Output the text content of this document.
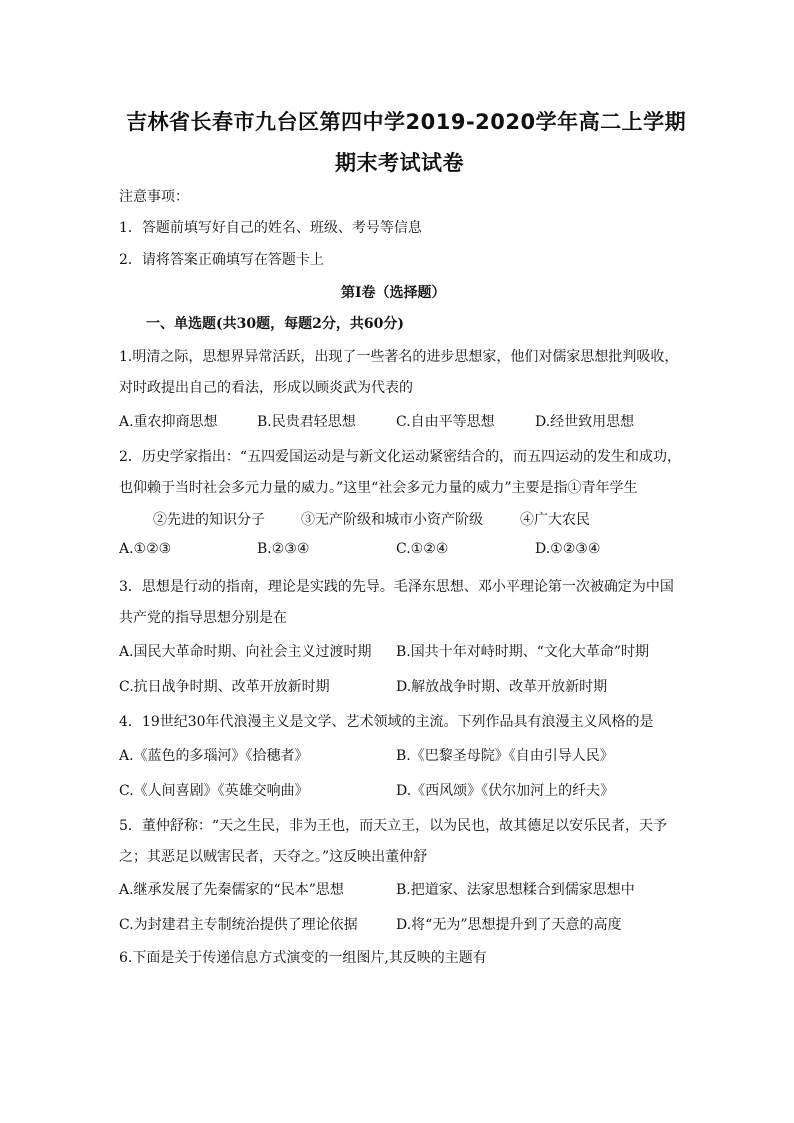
吉林省长春市九台区第四中学2019-2020学年高二上学期
期末考试试卷
注意事项：
1．答题前填写好自己的姓名、班级、考号等信息
2．请将答案正确填写在答题卡上
第I卷（选择题）
一、单选题(共30题，每题2分，共60分)
1.明清之际，思想界异常活跃，出现了一些著名的进步思想家，他们对儒家思想批判吸收，
对时政提出自己的看法，形成以顾炎武为代表的
A.重农抑商思想	B.民贵君轻思想	C.自由平等思想	D.经世致用思想
2．历史学家指出：“五四爱国运动是与新文化运动紧密结合的，而五四运动的发生和成功，
也仰赖于当时社会多元力量的威力。”这里“社会多元力量的威力”主要是指①青年学生
②先进的知识分子	③无产阶级和城市小资产阶级	④广大农民
A.①②③	B.②③④	C.①②④	D.①②③④
3．思想是行动的指南，理论是实践的先导。毛泽东思想、邓小平理论第一次被确定为中国
共产党的指导思想分别是在
A.国民大革命时期、向社会主义过渡时期 B.国共十年对峙时期、“文化大革命”时期
C.抗日战争时期、改革开放新时期	D.解放战争时期、改革开放新时期
4．19世纪30年代浪漫主义是文学、艺术领域的主流。下列作品具有浪漫主义风格的是
A.《蓝色的多瑙河》《拾穗者》	B.《巴黎圣母院》《自由引导人民》
C.《人间喜剧》《英雄交响曲》	D.《西风颂》《伏尔加河上的纤夫》
5．董仲舒称：“天之生民，非为王也，而天立王，以为民也，故其德足以安乐民者，天予
之；其恶足以贼害民者，天夺之。”这反映出董仲舒
A.继承发展了先秦儒家的“民本”思想	B.把道家、法家思想糅合到儒家思想中
C.为封建君主专制统治提供了理论依据	D.将“无为”思想提升到了天意的高度
6.下面是关于传递信息方式演变的一组图片,其反映的主题有
